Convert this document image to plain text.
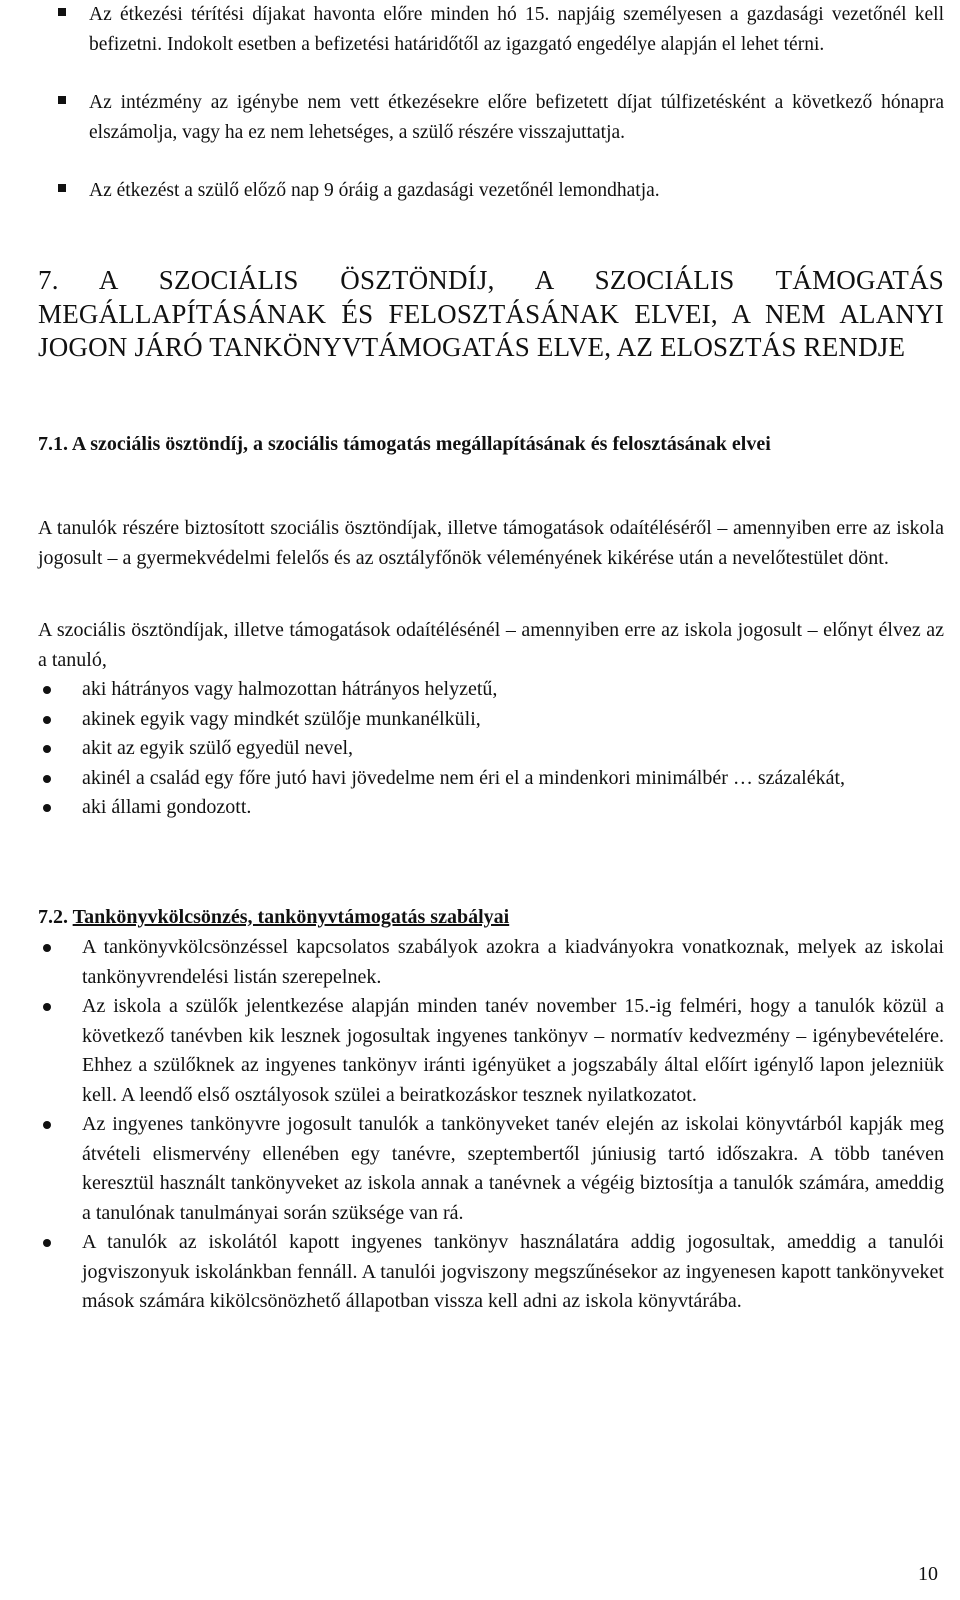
Az étkezési térítési díjakat havonta előre minden hó 15. napjáig személyesen a gazdasági vezetőnél kell befizetni. Indokolt esetben a befizetési határidőtől az igazgató engedélye alapján el lehet térni.

Az intézmény az igénybe nem vett étkezésekre előre befizetett díjat túlfizetésként a következő hónapra elszámolja, vagy ha ez nem lehetséges, a szülő részére visszajuttatja.

Az étkezést a szülő előző nap 9 óráig a gazdasági vezetőnél lemondhatja.

7. A SZOCIÁLIS ÖSZTÖNDÍJ, A SZOCIÁLIS TÁMOGATÁS MEGÁLLAPÍTÁSÁNAK ÉS FELOSZTÁSÁNAK ELVEI, A NEM ALANYI JOGON JÁRÓ TANKÖNYVTÁMOGATÁS ELVE, AZ ELOSZTÁS RENDJE
7.1. A szociális ösztöndíj, a szociális támogatás megállapításának és felosztásának elvei

A tanulók részére biztosított szociális ösztöndíjak, illetve támogatások odaítéléséről – amennyiben erre az iskola jogosult – a gyermekvédelmi felelős és az osztályfőnök véleményének kikérése után a nevelőtestület dönt.

A szociális ösztöndíjak, illetve támogatások odaítélésénél – amennyiben erre az iskola jogosult – előnyt élvez az a tanuló,

aki hátrányos vagy halmozottan hátrányos helyzetű,
akinek egyik vagy mindkét szülője munkanélküli,
akit az egyik szülő egyedül nevel,
akinél a család egy főre jutó havi jövedelme nem éri el a mindenkori minimálbér … százalékát,
aki állami gondozott.
7.2. Tankönyvkölcsönzés, tankönyvtámogatás szabályai
A tankönyvkölcsönzéssel kapcsolatos szabályok azokra a kiadványokra vonatkoznak, melyek az iskolai tankönyvrendelési listán szerepelnek.
Az iskola a szülők jelentkezése alapján minden tanév november 15.-ig felméri, hogy a tanulók közül a következő tanévben kik lesznek jogosultak ingyenes tankönyv – normatív kedvezmény – igénybevételére. Ehhez a szülőknek az ingyenes tankönyv iránti igényüket a jogszabály által előírt igénylő lapon jelezniük kell. A leendő első osztályosok szülei a beiratkozáskor tesznek nyilatkozatot.
Az ingyenes tankönyvre jogosult tanulók a tankönyveket tanév elején az iskolai könyvtárból kapják meg átvételi elismervény ellenében egy tanévre, szeptembertől júniusig tartó időszakra. A több tanéven keresztül használt tankönyveket az iskola annak a tanévnek a végéig biztosítja a tanulók számára, ameddig a tanulónak tanulmányai során szüksége van rá.
A tanulók az iskolától kapott ingyenes tankönyv használatára addig jogosultak, ameddig a tanulói jogviszonyuk iskolánkban fennáll. A tanulói jogviszony megszűnésekor az ingyenesen kapott tankönyveket mások számára kikölcsönözhető állapotban vissza kell adni az iskola könyvtárába.
10
